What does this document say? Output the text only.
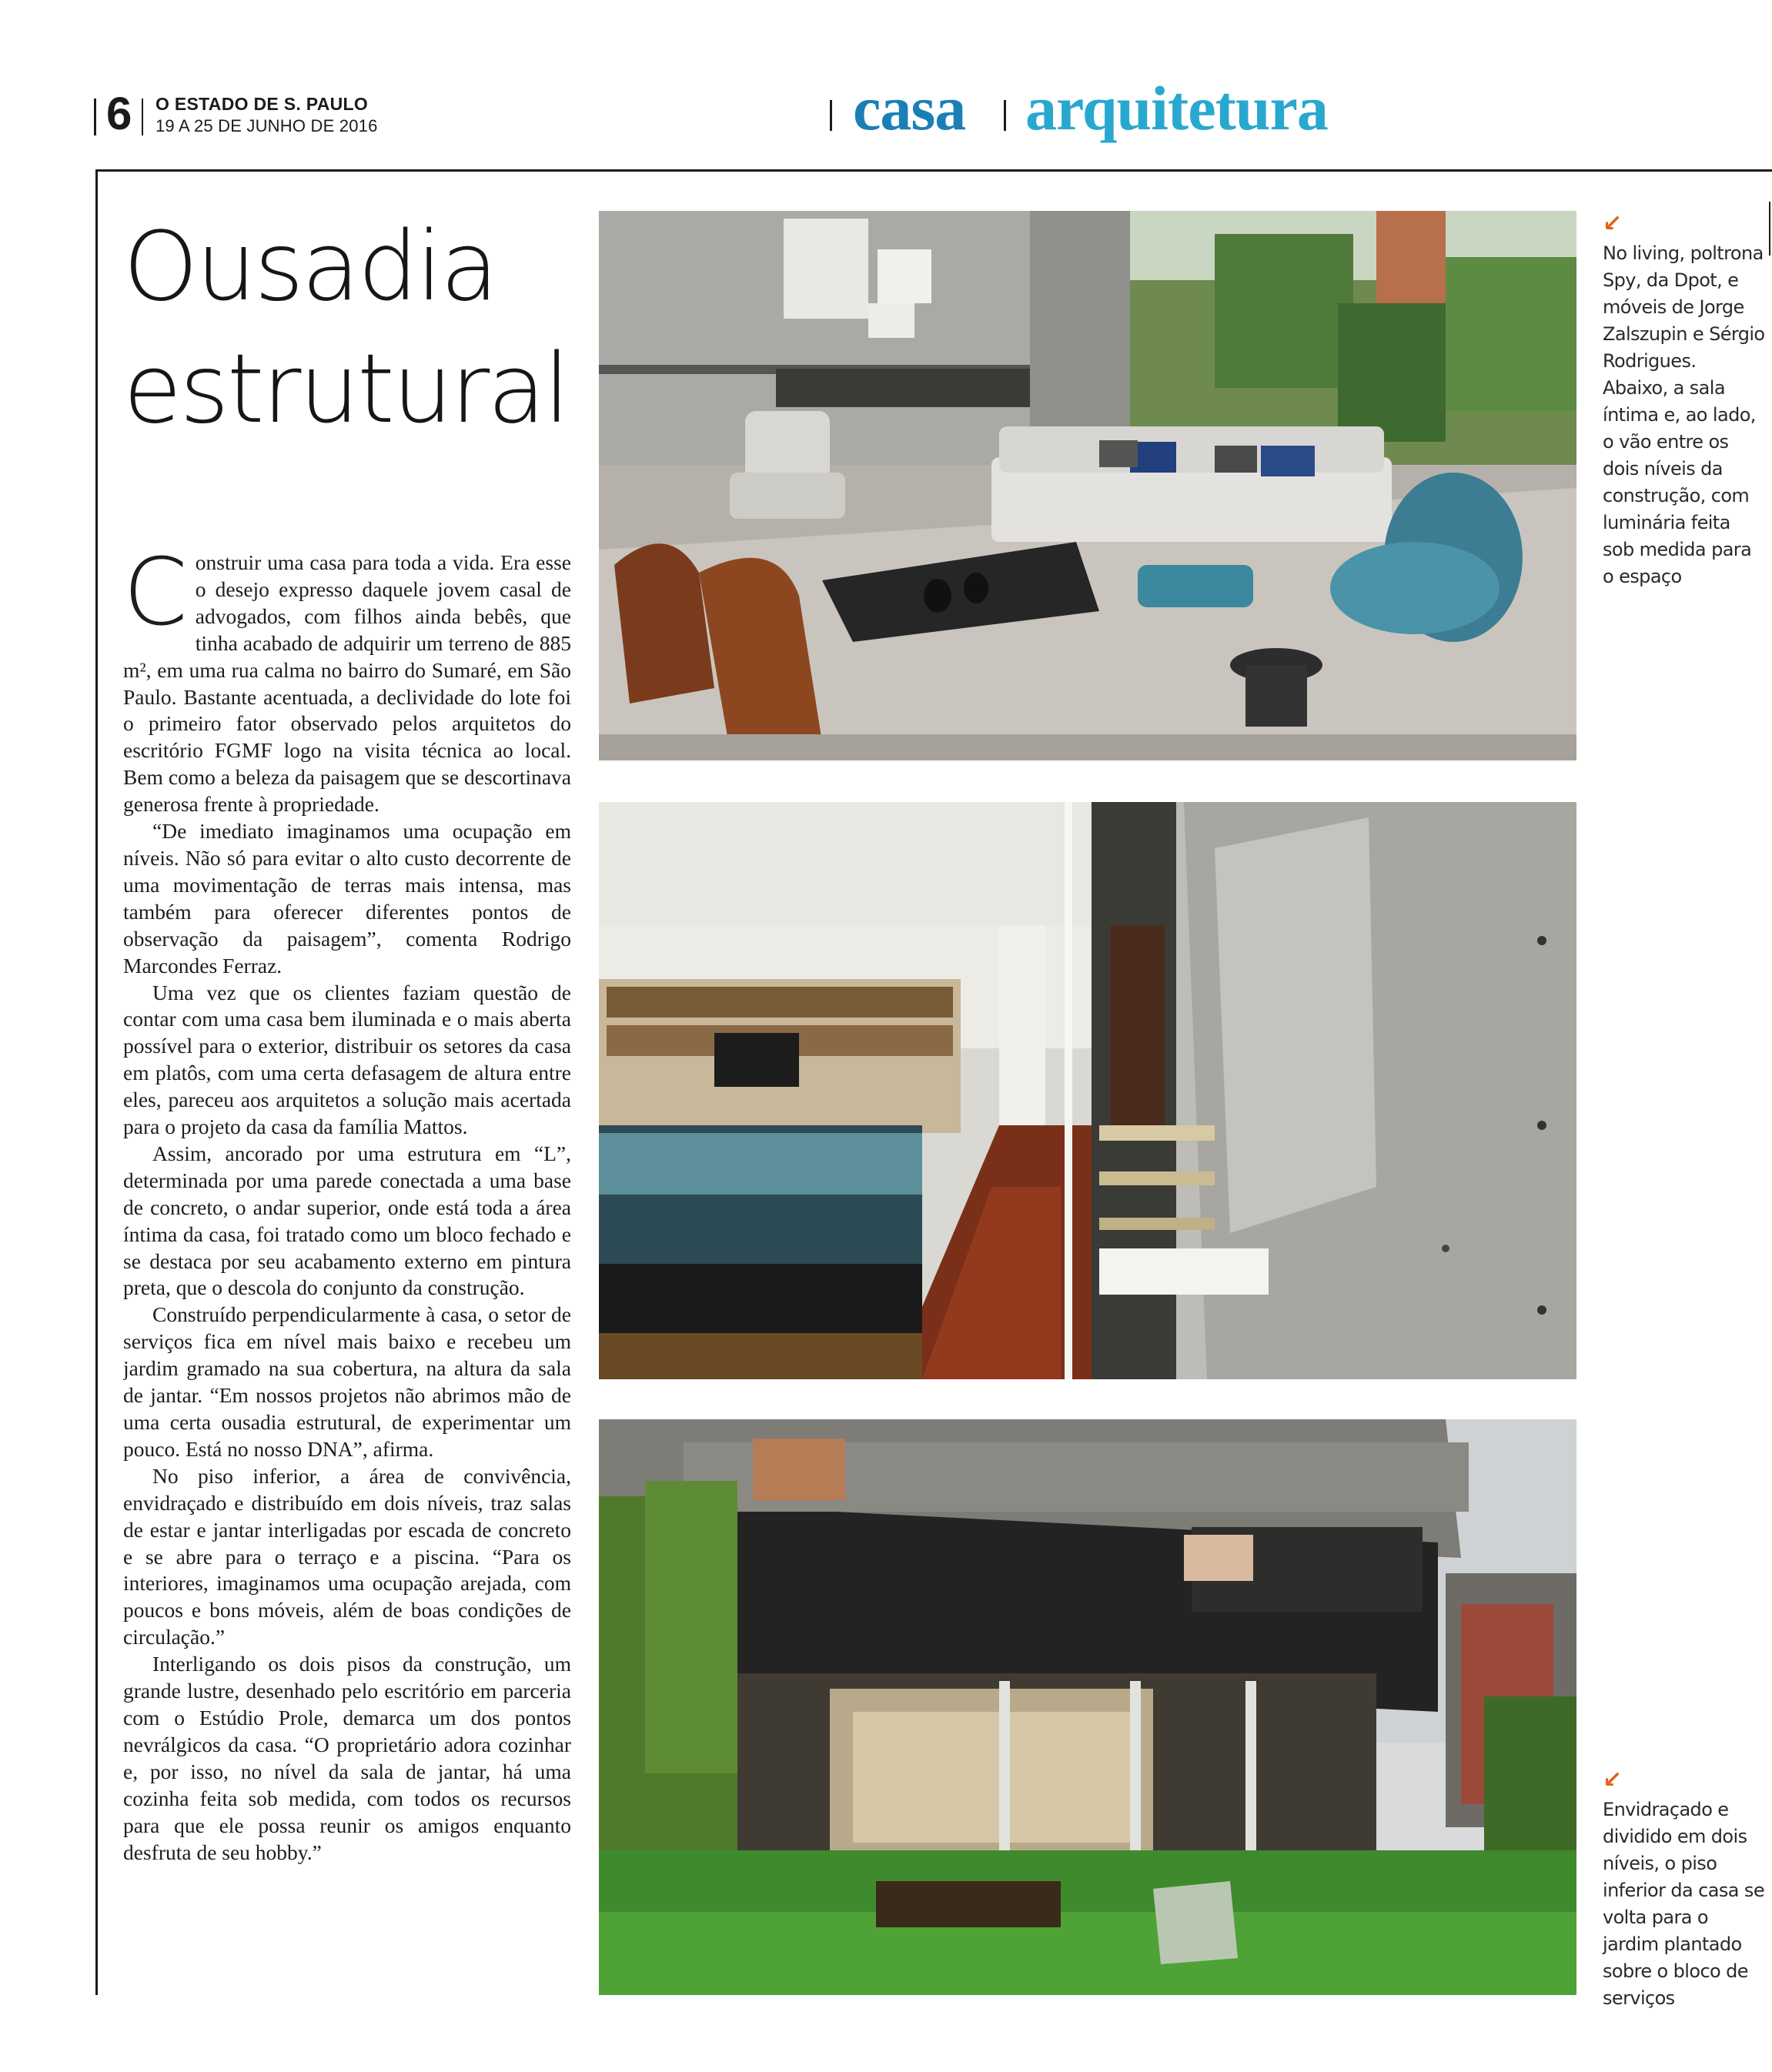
6 O ESTADO DE S. PAULO
19 A 25 DE JUNHO DE 2016	casa arquitetura
Ousadia
estrutural

Construir uma casa para toda a vida. Era esse o desejo expresso daquele jovem casal de advogados, com filhos ainda bebês, que tinha acabado de adquirir um terreno de 885 m², em uma rua calma no bairro do Sumaré, em São Paulo. Bastante acentuada, a declividade do lote foi o primeiro fator observado pelos arquitetos do escritório FGMF logo na visita técnica ao local. Bem como a beleza da paisagem que se descortinava generosa frente à propriedade.

“De imediato imaginamos uma ocupação em níveis. Não só para evitar o alto custo decorrente de uma movimentação de terras mais intensa, mas também para oferecer diferentes pontos de observação da paisagem”, comenta Rodrigo Marcondes Ferraz.

Uma vez que os clientes faziam questão de contar com uma casa bem iluminada e o mais aberta possível para o exterior, distribuir os setores da casa em platôs, com uma certa defasagem de altura entre eles, pareceu aos arquitetos a solução mais acertada para o projeto da casa da família Mattos.

Assim, ancorado por uma estrutura em “L”, determinada por uma parede conectada a uma base de concreto, o andar superior, onde está toda a área íntima da casa, foi tratado como um bloco fechado e se destaca por seu acabamento externo em pintura preta, que o descola do conjunto da construção.

Construído perpendicularmente à casa, o setor de serviços fica em nível mais baixo e recebeu um jardim gramado na sua cobertura, na altura da sala de jantar. “Em nossos projetos não abrimos mão de uma certa ousadia estrutural, de experimentar um pouco. Está no nosso DNA”, afirma.

No piso inferior, a área de convivência, envidraçado e distribuído em dois níveis, traz salas de estar e jantar interligadas por escada de concreto e se abre para o terraço e a piscina. “Para os interiores, imaginamos uma ocupação arejada, com poucos e bons móveis, além de boas condições de circulação.”

Interligando os dois pisos da construção, um grande lustre, desenhado pelo escritório em parceria com o Estúdio Prole, demarca um dos pontos nevrálgicos da casa. “O proprietário adora cozinhar e, por isso, no nível da sala de jantar, há uma cozinha feita sob medida, com todos os recursos para que ele possa reunir os amigos enquanto desfruta de seu hobby.”

↙
No living, poltrona Spy, da Dpot, e móveis de Jorge Zalszupin e Sérgio Rodrigues. Abaixo, a sala íntima e, ao lado, o vão entre os dois níveis da construção, com luminária feita sob medida para o espaço
↙
Envidraçado e dividido em dois níveis, o piso inferior da casa se volta para o jardim plantado sobre o bloco de serviços
